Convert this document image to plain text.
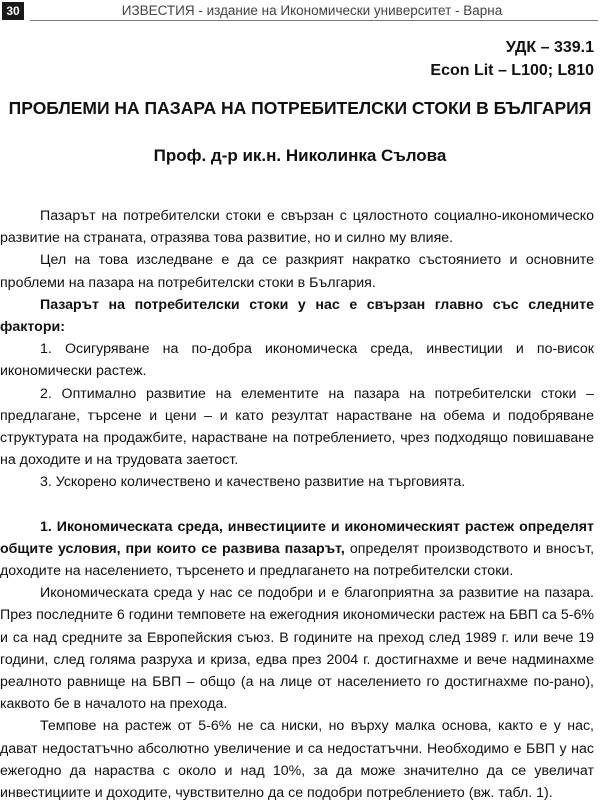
30	ИЗВЕСТИЯ - издание на Икономически университет - Варна
УДК – 339.1
Econ Lit – L100; L810
ПРОБЛЕМИ НА ПАЗАРА НА ПОТРЕБИТЕЛСКИ СТОКИ В БЪЛГАРИЯ
Проф. д-р ик.н. Николинка Сълова

Пазарът на потребителски стоки е свързан с цялостното социално-икономическо развитие на страната, отразява това развитие, но и силно му влияе.

Цел на това изследване е да се разкрият накратко състоянието и основните проблеми на пазара на потребителски стоки в България.

Пазарът на потребителски стоки у нас е свързан главно със следните фактори:

1. Осигуряване на по-добра икономическа среда, инвестиции и по-висок икономически растеж.

2. Оптимално развитие на елементите на пазара на потребителски стоки – предлагане, търсене и цени – и като резултат нарастване на обема и подобряване структурата на продажбите, нарастване на потреблението, чрез подходящо повишаване на доходите и на трудовата заетост.

3. Ускорено количествено и качествено развитие на търговията.

1. Икономическата среда, инвестициите и икономическият растеж определят общите условия, при които се развива пазарът, определят производството и вносът, доходите на населението, търсенето и предлагането на потребителски стоки.

Икономическата среда у нас се подобри и е благоприятна за развитие на пазара. През последните 6 години темповете на ежегодния икономически растеж на БВП са 5-6% и са над средните за Европейския съюз. В годините на преход след 1989 г. или вече 19 години, след голяма разруха и криза, едва през 2004 г. достигнахме и вече надминахме реалното равнище на БВП – общо (а на лице от населението го достигнахме по-рано), каквото бе в началото на прехода.

Темпове на растеж от 5-6% не са ниски, но върху малка основа, както е у нас, дават недостатъчно абсолютно увеличение и са недостатъчни. Необходимо е БВП у нас ежегодно да нараства с около и над 10%, за да може значително да се увеличат инвестициите и доходите, чувствително да се подобри потреблението (вж. табл. 1).
